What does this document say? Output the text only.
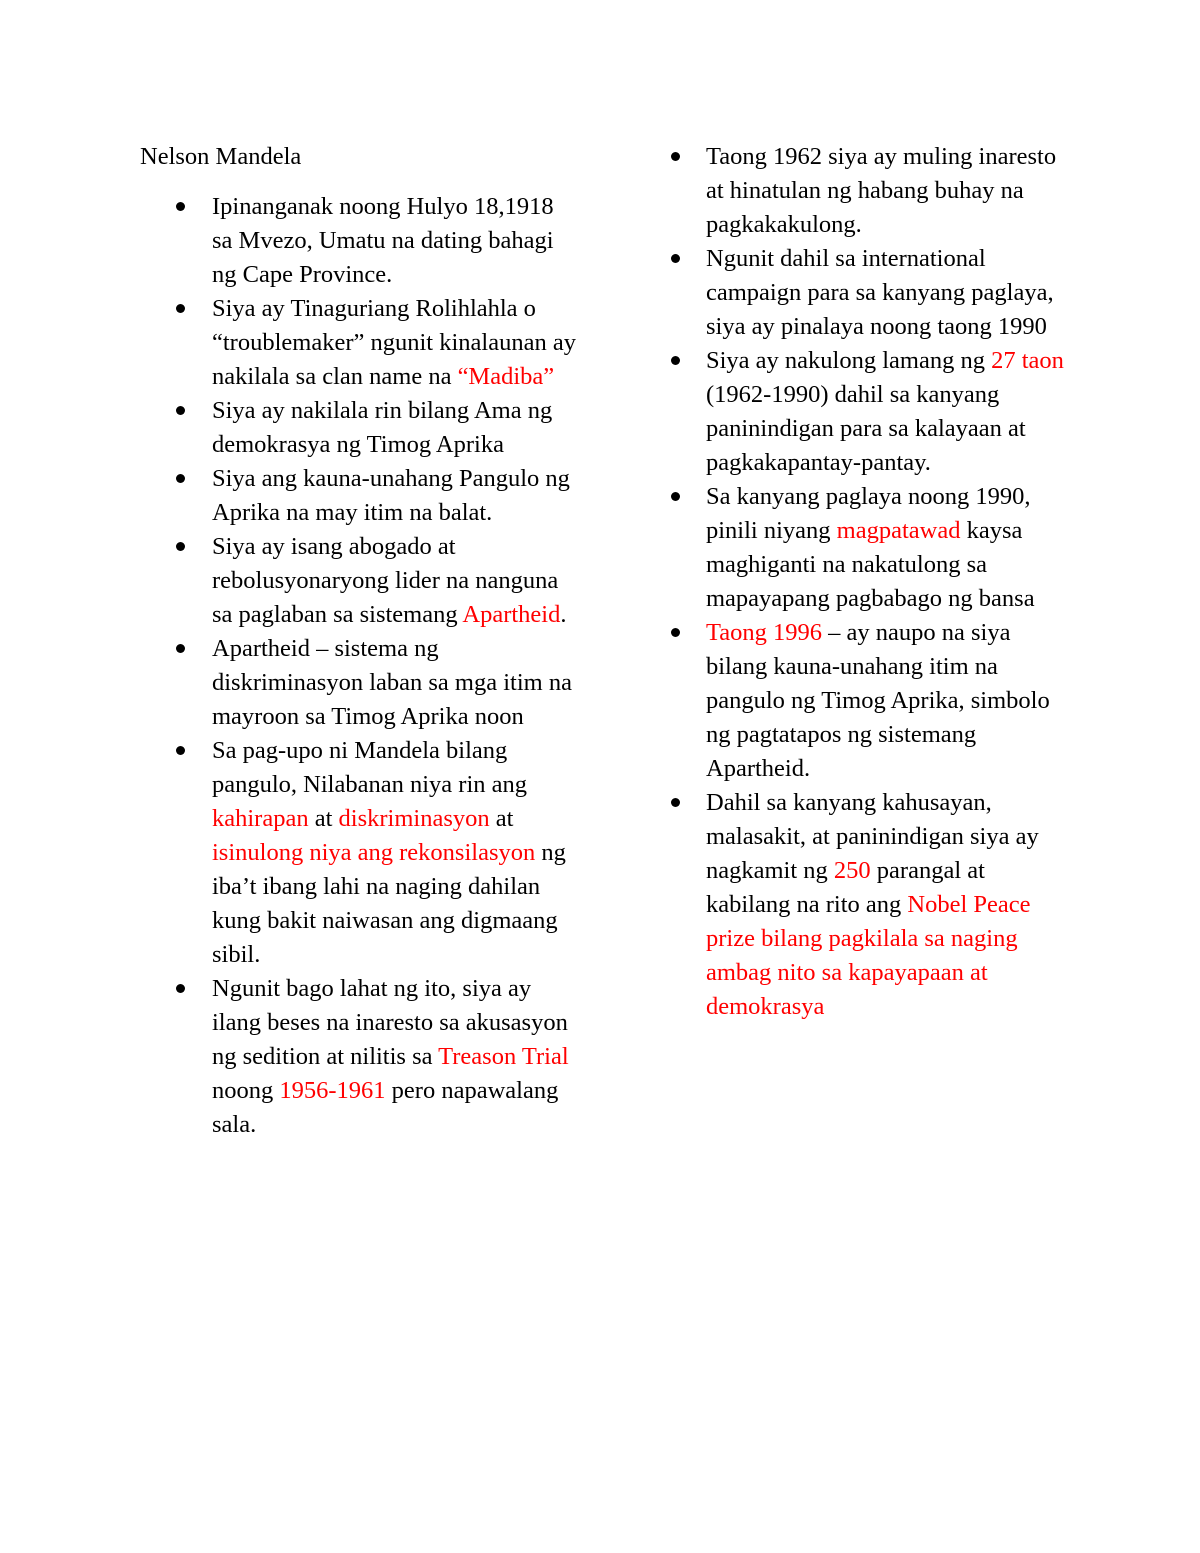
Nelson Mandela
Ipinanganak noong Hulyo 18,1918 sa Mvezo, Umatu na dating bahagi ng Cape Province.
Siya ay Tinaguriang Rolihlahla o “troublemaker” ngunit kinalaunan ay nakilala sa clan name na “Madiba”
Siya ay nakilala rin bilang Ama ng demokrasya ng Timog Aprika
Siya ang kauna-unahang Pangulo ng Aprika na may itim na balat.
Siya ay isang abogado at rebolusyonaryong lider na nanguna sa paglaban sa sistemang Apartheid.
Apartheid – sistema ng diskriminasyon laban sa mga itim na mayroon sa Timog Aprika noon
Sa pag-upo ni Mandela bilang pangulo, Nilabanan niya rin ang kahirapan at diskriminasyon at isinulong niya ang rekonsilasyon ng iba’t ibang lahi na naging dahilan kung bakit naiwasan ang digmaang sibil.
Ngunit bago lahat ng ito, siya ay ilang beses na inaresto sa akusasyon ng sedition at nilitis sa Treason Trial noong 1956-1961 pero napawalang sala.
Taong 1962 siya ay muling inaresto at hinatulan ng habang buhay na pagkakakulong.
Ngunit dahil sa international campaign para sa kanyang paglaya, siya ay pinalaya noong taong 1990
Siya ay nakulong lamang ng 27 taon (1962-1990) dahil sa kanyang paninindigan para sa kalayaan at pagkakapantay-pantay.
Sa kanyang paglaya noong 1990, pinili niyang magpatawad kaysa maghiganti na nakatulong sa mapayapang pagbabago ng bansa
Taong 1996 – ay naupo na siya bilang kauna-unahang itim na pangulo ng Timog Aprika, simbolo ng pagtatapos ng sistemang Apartheid.
Dahil sa kanyang kahusayan, malasakit, at paninindigan siya ay nagkamit ng 250 parangal at kabilang na rito ang Nobel Peace prize bilang pagkilala sa naging ambag nito sa kapayapaan at demokrasya
